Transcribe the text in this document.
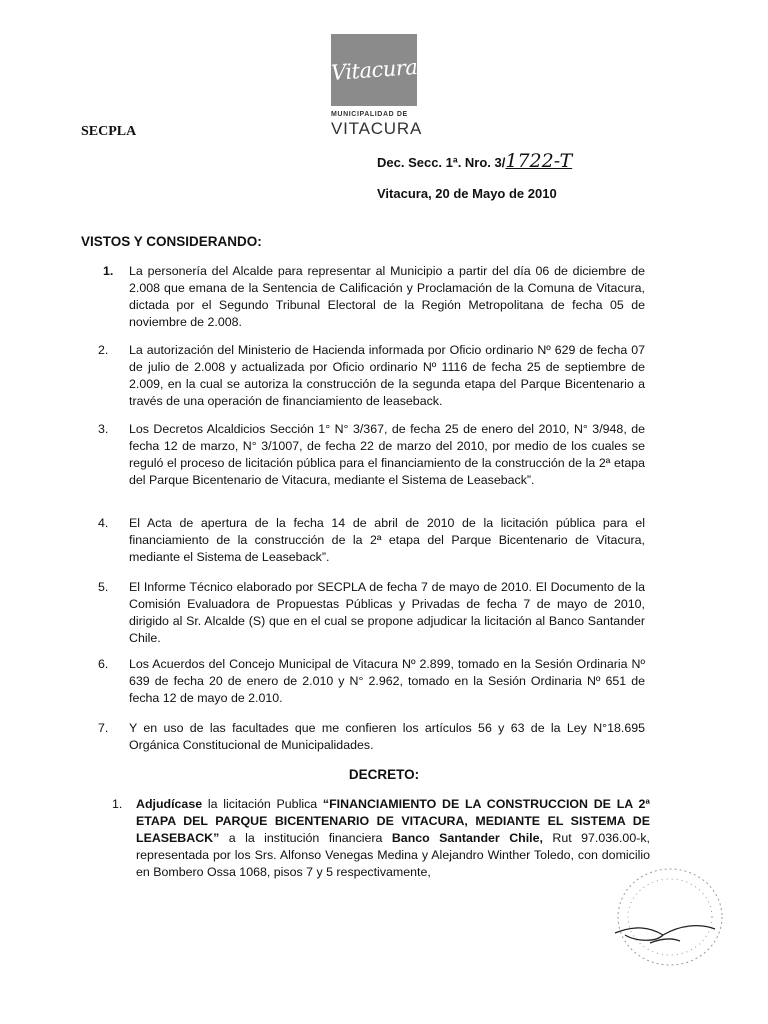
Vitacura
MUNICIPALIDAD DE
VITACURA
SECPLA
Dec. Secc. 1ª. Nro. 3/1722-T
Vitacura, 20 de Mayo de 2010
VISTOS Y CONSIDERANDO:
1.	La personería del Alcalde para representar al Municipio a partir del día 06 de diciembre de 2.008 que emana de la Sentencia de Calificación y Proclamación de la Comuna de Vitacura, dictada por el Segundo Tribunal Electoral de la Región Metropolitana de fecha 05 de noviembre de 2.008.
2.	La autorización del Ministerio de Hacienda informada por Oficio ordinario Nº 629 de fecha 07 de julio de 2.008 y actualizada por Oficio ordinario Nº 1116 de fecha 25 de septiembre de 2.009, en la cual se autoriza la construcción de la segunda etapa del Parque Bicentenario a través de una operación de financiamiento de leaseback.
3.	Los Decretos Alcaldicios Sección 1° N° 3/367, de fecha 25 de enero del 2010, N° 3/948, de fecha 12 de marzo, N° 3/1007, de fecha 22 de marzo del 2010, por medio de los cuales se reguló el proceso de licitación pública para el financiamiento de la construcción de la 2ª etapa del Parque Bicentenario de Vitacura, mediante el Sistema de Leaseback”.
4.	El Acta de apertura de la fecha 14 de abril de 2010 de la licitación pública para el financiamiento de la construcción de la 2ª etapa del Parque Bicentenario de Vitacura, mediante el Sistema de Leaseback”.
5.	El Informe Técnico elaborado por SECPLA de fecha 7 de mayo de 2010. El Documento de la Comisión Evaluadora de Propuestas Públicas y Privadas de fecha 7 de mayo de 2010, dirigido al Sr. Alcalde (S) que en el cual se propone adjudicar la licitación al Banco Santander Chile.
6.	Los Acuerdos del Concejo Municipal de Vitacura Nº 2.899, tomado en la Sesión Ordinaria Nº 639 de fecha 20 de enero de 2.010 y N° 2.962, tomado en la Sesión Ordinaria Nº 651 de fecha 12 de mayo de 2.010.
7.	Y en uso de las facultades que me confieren los artículos 56 y 63 de la Ley N°18.695 Orgánica Constitucional de Municipalidades.
DECRETO:
1. Adjudícase la licitación Publica “FINANCIAMIENTO DE LA CONSTRUCCION DE LA 2ª ETAPA DEL PARQUE BICENTENARIO DE VITACURA, MEDIANTE EL SISTEMA DE LEASEBACK” a la institución financiera Banco Santander Chile, Rut 97.036.00-k, representada por los Srs. Alfonso Venegas Medina y Alejandro Winther Toledo, con domicilio en Bombero Ossa 1068, pisos 7 y 5 respectivamente,
